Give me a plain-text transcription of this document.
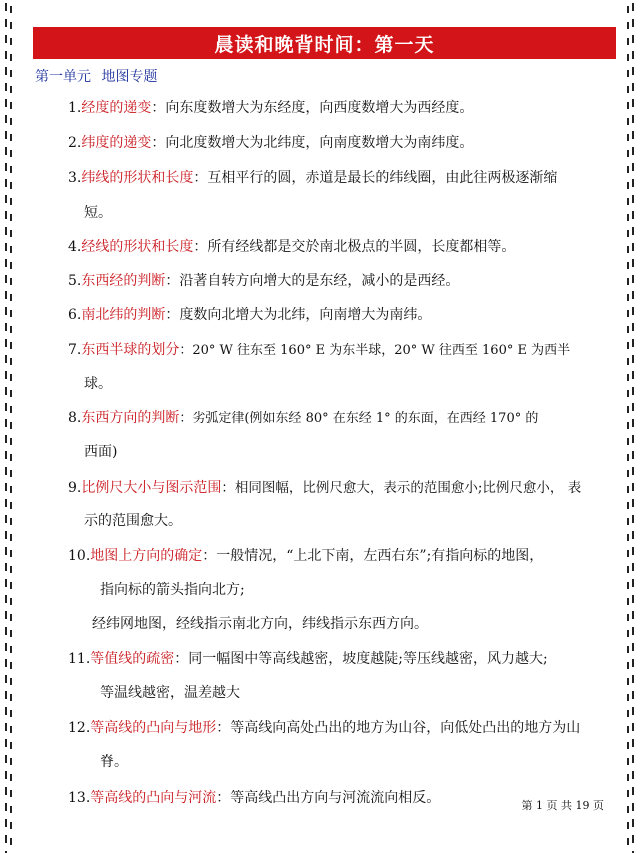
晨读和晚背时间：第一天
第一单元 地图专题
1.经度的递变：向东度数增大为东经度，向西度数增大为西经度。
2.纬度的递变：向北度数增大为北纬度，向南度数增大为南纬度。
3.纬线的形状和长度：互相平行的圆，赤道是最长的纬线圈，由此往两极逐渐缩
短。
4.经线的形状和长度：所有经线都是交於南北极点的半圆，长度都相等。
5.东西经的判断：沿著自转方向增大的是东经，减小的是西经。
6.南北纬的判断：度数向北增大为北纬，向南增大为南纬。
7.东西半球的划分：20° W 往东至 160° E 为东半球，20° W 往西至 160° E 为西半
球。
8.东西方向的判断：劣弧定律(例如东经 80° 在东经 1° 的东面，在西经 170° 的
西面)
9.比例尺大小与图示范围：相同图幅，比例尺愈大，表示的范围愈小;比例尺愈小， 表
示的范围愈大。
10.地图上方向的确定：一般情况，“上北下南，左西右东”;有指向标的地图，
指向标的箭头指向北方;
经纬网地图，经线指示南北方向，纬线指示东西方向。
11.等值线的疏密：同一幅图中等高线越密，坡度越陡;等压线越密，风力越大;
等温线越密，温差越大
12.等高线的凸向与地形：等高线向高处凸出的地方为山谷，向低处凸出的地方为山
脊。
13.等高线的凸向与河流：等高线凸出方向与河流流向相反。	第 1 页 共 19 页
